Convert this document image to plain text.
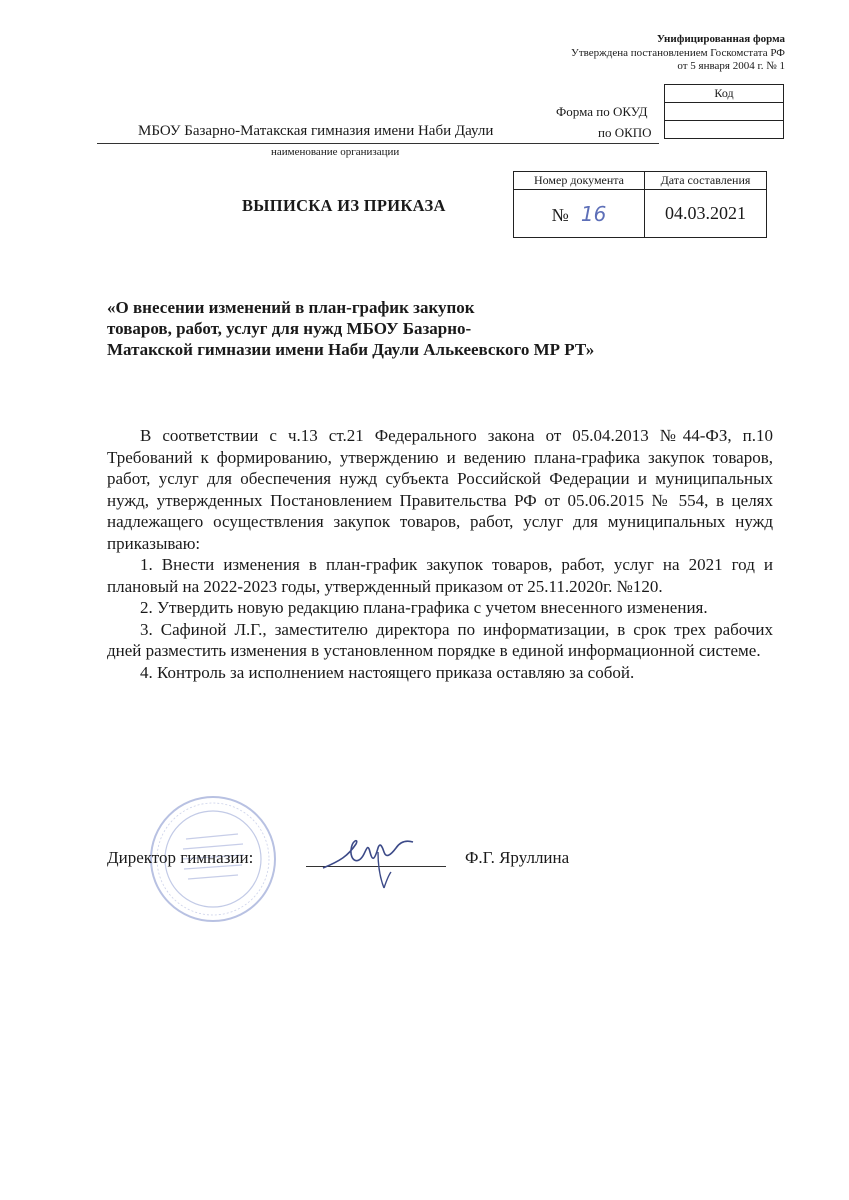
Унифицированная форма
Утверждена постановлением Госкомстата РФ
от 5 января 2004 г. № 1
Код

Форма по ОКУД
по ОКПО
МБОУ Базарно-Матакская гимназия имени Наби Даули
наименование организации
Номер документа	Дата составления
№ 16	04.03.2021
ВЫПИСКА ИЗ ПРИКАЗА
«О внесении изменений в план-график закупок
товаров, работ, услуг для нужд МБОУ Базарно-
Матакской гимназии имени Наби Даули Алькеевского МР РТ»

В соответствии с ч.13 ст.21 Федерального закона от 05.04.2013 №44-ФЗ, п.10 Требований к формированию, утверждению и ведению плана-графика закупок товаров, работ, услуг для обеспечения нужд субъекта Российской Федерации и муниципальных нужд, утвержденных Постановлением Правительства РФ от 05.06.2015 № 554, в целях надлежащего осуществления закупок товаров, работ, услуг для муниципальных нужд приказываю:

1. Внести изменения в план-график закупок товаров, работ, услуг на 2021 год и плановый на 2022-2023 годы, утвержденный приказом от 25.11.2020г. №120.

2. Утвердить новую редакцию плана-графика с учетом внесенного изменения.

3. Сафиной Л.Г., заместителю директора по информатизации, в срок трех рабочих дней разместить изменения в установленном порядке в единой информационной системе.

4. Контроль за исполнением настоящего приказа оставляю за собой.

Директор гимназии:	Ф.Г. Яруллина
